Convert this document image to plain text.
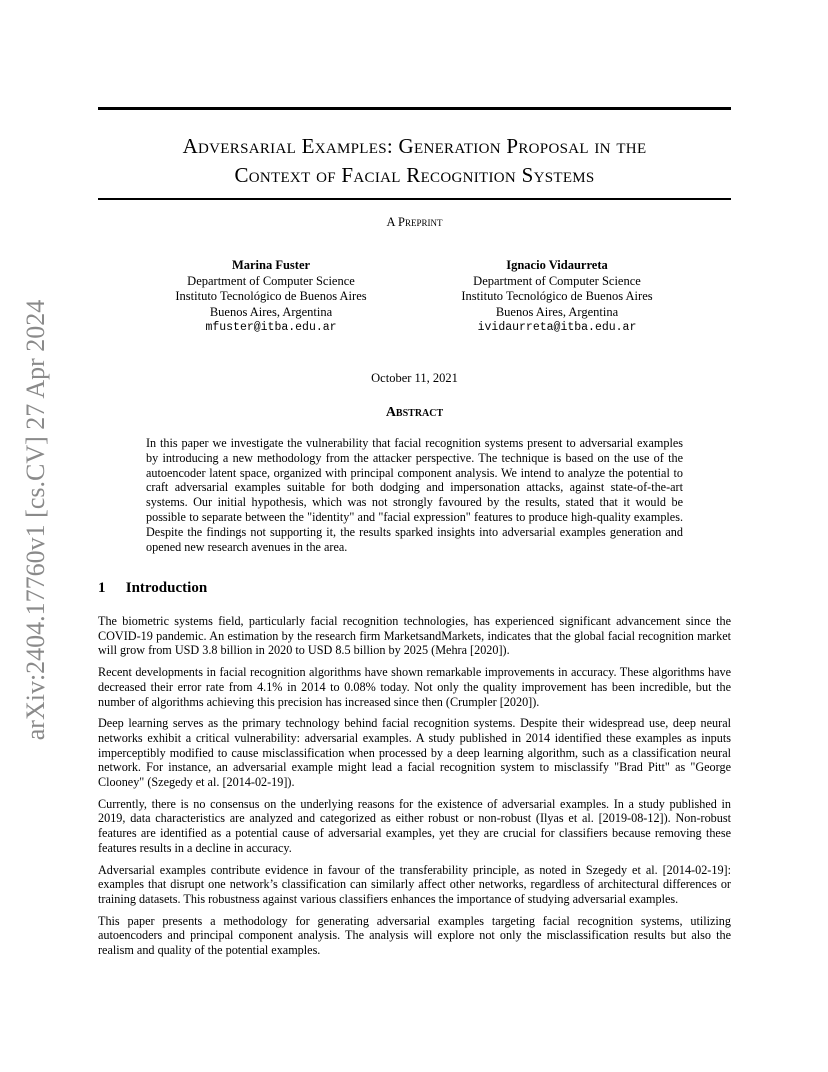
Adversarial Examples: Generation Proposal in the
Context of Facial Recognition Systems
A Preprint
Marina Fuster
Department of Computer Science
Instituto Tecnológico de Buenos Aires
Buenos Aires, Argentina
mfuster@itba.edu.ar
Ignacio Vidaurreta
Department of Computer Science
Instituto Tecnológico de Buenos Aires
Buenos Aires, Argentina
ividaurreta@itba.edu.ar
October 11, 2021
Abstract

In this paper we investigate the vulnerability that facial recognition systems present to adversarial examples by introducing a new methodology from the attacker perspective. The technique is based on the use of the autoencoder latent space, organized with principal component analysis. We intend to analyze the potential to craft adversarial examples suitable for both dodging and impersonation attacks, against state-of-the-art systems. Our initial hypothesis, which was not strongly favoured by the results, stated that it would be possible to separate between the "identity" and "facial expression" features to produce high-quality examples. Despite the findings not supporting it, the results sparked insights into adversarial examples generation and opened new research avenues in the area.

1 Introduction

The biometric systems field, particularly facial recognition technologies, has experienced significant advancement since the COVID-19 pandemic. An estimation by the research firm MarketsandMarkets, indicates that the global facial recognition market will grow from USD 3.8 billion in 2020 to USD 8.5 billion by 2025 (Mehra [2020]).

Recent developments in facial recognition algorithms have shown remarkable improvements in accuracy. These algorithms have decreased their error rate from 4.1% in 2014 to 0.08% today. Not only the quality improvement has been incredible, but the number of algorithms achieving this precision has increased since then (Crumpler [2020]).

Deep learning serves as the primary technology behind facial recognition systems. Despite their widespread use, deep neural networks exhibit a critical vulnerability: adversarial examples. A study published in 2014 identified these examples as inputs imperceptibly modified to cause misclassification when processed by a deep learning algorithm, such as a classification neural network. For instance, an adversarial example might lead a facial recognition system to misclassify "Brad Pitt" as "George Clooney" (Szegedy et al. [2014-02-19]).

Currently, there is no consensus on the underlying reasons for the existence of adversarial examples. In a study published in 2019, data characteristics are analyzed and categorized as either robust or non-robust (Ilyas et al. [2019-08-12]). Non-robust features are identified as a potential cause of adversarial examples, yet they are crucial for classifiers because removing these features results in a decline in accuracy.

Adversarial examples contribute evidence in favour of the transferability principle, as noted in Szegedy et al. [2014-02-19]: examples that disrupt one network’s classification can similarly affect other networks, regardless of architectural differences or training datasets. This robustness against various classifiers enhances the importance of studying adversarial examples.

This paper presents a methodology for generating adversarial examples targeting facial recognition systems, utilizing autoencoders and principal component analysis. The analysis will explore not only the misclassification results but also the realism and quality of the potential examples.

arXiv:2404.17760v1 [cs.CV] 27 Apr 2024
